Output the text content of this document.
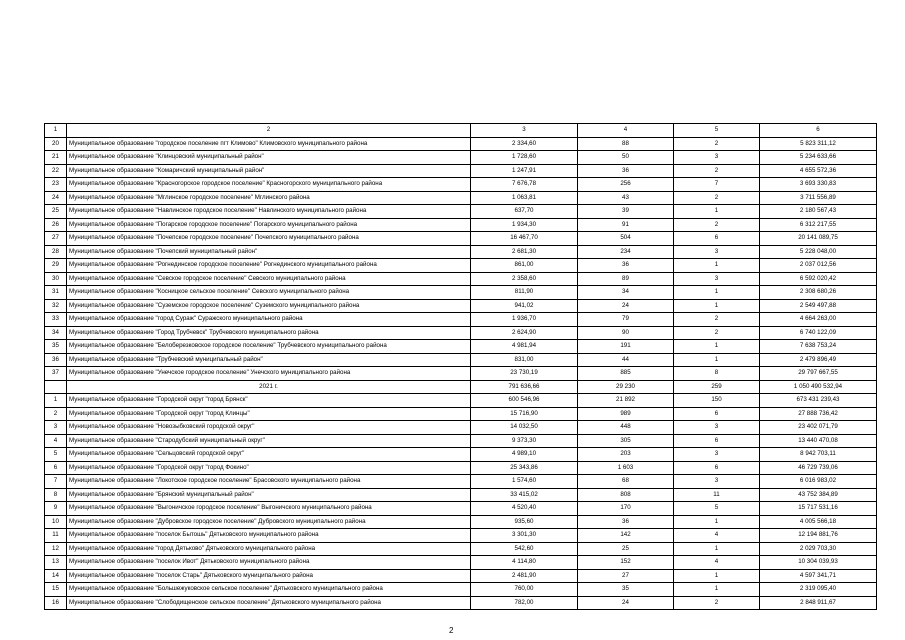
1	2	3	4	5	6
20	Муниципальное образование "городское поселение пгт Климово" Климовского муниципального района	2 334,60	88	2	5 823 311,12
21	Муниципальное образование "Клинцовский муниципальный район"	1 728,60	50	3	5 234 633,66
22	Муниципальное образование "Комаричский муниципальный район"	1 247,91	36	2	4 655 572,36
23	Муниципальное образование "Красногорское городское поселение" Красногорского муниципального района	7 676,78	256	7	3 693 330,83
24	Муниципальное образование "Мглинское городское поселение" Мглинского района	1 063,81	43	2	3 711 556,89
25	Муниципальное образование "Навлинское городское поселение" Навлинского муниципального района	637,70	39	1	2 180 567,43
26	Муниципальное образование "Погарское городское поселение" Погарского муниципального района	1 934,30	91	2	6 312 217,55
27	Муниципальное образование "Почепское городское поселение" Почепского муниципального района	16 467,70	504	6	20 141 089,75
28	Муниципальное образование "Почепский муниципальный район"	2 681,30	234	3	5 228 048,00
29	Муниципальное образование "Рогнединское городское поселение" Рогнединского муниципального района	861,00	36	1	2 037 012,56
30	Муниципальное образование "Севское городское поселение" Севского муниципального района	2 358,60	89	3	6 592 020,42
31	Муниципальное образование "Косницкое сельское поселение" Севского муниципального района	811,90	34	1	2 308 680,26
32	Муниципальное образование "Суземское городское поселение" Суземского муниципального района	941,02	24	1	2 549 497,88
33	Муниципальное образование "город Сураж" Суражского муниципального района	1 936,70	79	2	4 664 263,00
34	Муниципальное образование "Город Трубчевск" Трубчевского муниципального района	2 624,90	90	2	6 740 122,09
35	Муниципальное образование "Белоберезковское городское поселение" Трубчевского муниципального района	4 981,94	191	1	7 638 753,24
36	Муниципальное образование "Трубчевский муниципальный район"	831,00	44	1	2 479 896,49
37	Муниципальное образование "Унечское городское поселение" Унечского муниципального района	23 730,19	885	8	29 797 667,55
	2021 г.	791 636,66	29 230	259	1 050 490 532,94
1	Муниципальное образование "Городской округ "город Брянск"	600 546,96	21 892	150	673 431 239,43
2	Муниципальное образование "Городской округ "город Клинцы"	15 716,90	989	6	27 888 736,42
3	Муниципальное образование "Новозыбковский городской округ"	14 032,50	448	3	23 402 071,79
4	Муниципальное образование "Стародубский муниципальный округ"	9 373,30	305	6	13 440 470,08
5	Муниципальное образование "Сельцовский городской округ"	4 989,10	203	3	8 942 703,11
6	Муниципальное образование "Городской округ "город Фокино"	25 343,86	1 603	6	46 729 739,06
7	Муниципальное образование "Локотское городское поселение" Брасовского муниципального района	1 574,60	68	3	6 016 983,02
8	Муниципальное образование "Брянский муниципальный район"	33 415,02	808	11	43 752 384,89
9	Муниципальное образование "Выгоничское городское поселение" Выгоничского муниципального района	4 520,40	170	5	15 717 531,16
10	Муниципальное образование "Дубровское городское поселение" Дубровского муниципального района	935,60	36	1	4 005 566,18
11	Муниципальное образование "поселок Бытошь" Дятьковского муниципального района	3 301,30	142	4	12 194 881,76
12	Муниципальное образование "город Дятьково" Дятьковского муниципального района	542,60	25	1	2 029 703,30
13	Муниципальное образование "поселок Ивот" Дятьковского муниципального района	4 114,80	152	4	10 304 039,93
14	Муниципальное образование "поселок Старь" Дятьковского муниципального района	2 481,90	27	1	4 597 341,71
15	Муниципальное образование "Большежуковское сельское поселение" Дятьковского муниципального района	760,00	35	1	2 319 095,40
16	Муниципальное образование "Слободищенское сельское поселение" Дятьковского муниципального района	782,00	24	2	2 848 911,67
2
